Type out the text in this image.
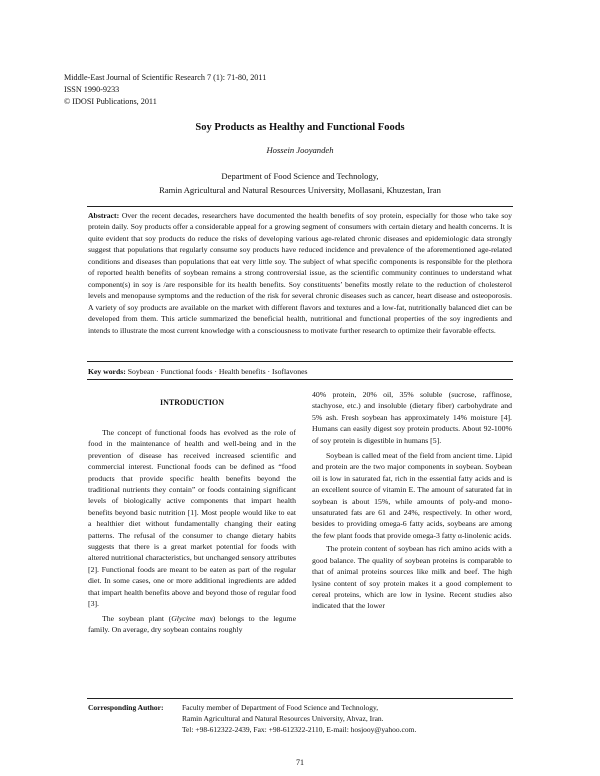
Middle-East Journal of Scientific Research 7 (1): 71-80, 2011
ISSN 1990-9233
© IDOSI Publications, 2011
Soy Products as Healthy and Functional Foods
Hossein Jooyandeh
Department of Food Science and Technology,
Ramin Agricultural and Natural Resources University, Mollasani, Khuzestan, Iran
Abstract: Over the recent decades, researchers have documented the health benefits of soy protein, especially for those who take soy protein daily. Soy products offer a considerable appeal for a growing segment of consumers with certain dietary and health concerns. It is quite evident that soy products do reduce the risks of developing various age-related chronic diseases and epidemiologic data strongly suggest that populations that regularly consume soy products have reduced incidence and prevalence of the aforementioned age-related conditions and diseases than populations that eat very little soy. The subject of what specific components is responsible for the plethora of reported health benefits of soybean remains a strong controversial issue, as the scientific community continues to understand what component(s) in soy is /are responsible for its health benefits. Soy constituents’ benefits mostly relate to the reduction of cholesterol levels and menopause symptoms and the reduction of the risk for several chronic diseases such as cancer, heart disease and osteoporosis. A variety of soy products are available on the market with different flavors and textures and a low-fat, nutritionally balanced diet can be developed from them. This article summarized the beneficial health, nutritional and functional properties of the soy ingredients and intends to illustrate the most current knowledge with a consciousness to motivate further research to optimize their favorable effects.
Key words: Soybean · Functional foods · Health benefits · Isoflavones
INTRODUCTION

The concept of functional foods has evolved as the role of food in the maintenance of health and well-being and in the prevention of disease has received increased scientific and commercial interest. Functional foods can be defined as “food products that provide specific health benefits beyond the traditional nutrients they contain” or foods containing significant levels of biologically active components that impart health benefits beyond basic nutrition [1]. Most people would like to eat a healthier diet without fundamentally changing their eating patterns. The refusal of the consumer to change dietary habits suggests that there is a great market potential for foods with altered nutritional characteristics, but unchanged sensory attributes [2]. Functional foods are meant to be eaten as part of the regular diet. In some cases, one or more additional ingredients are added that impart health benefits above and beyond those of regular food [3].

The soybean plant (Glycine max) belongs to the legume family. On average, dry soybean contains roughly

40% protein, 20% oil, 35% soluble (sucrose, raffinose, stachyose, etc.) and insoluble (dietary fiber) carbohydrate and 5% ash. Fresh soybean has approximately 14% moisture [4]. Humans can easily digest soy protein products. About 92-100% of soy protein is digestible in humans [5].

Soybean is called meat of the field from ancient time. Lipid and protein are the two major components in soybean. Soybean oil is low in saturated fat, rich in the essential fatty acids and is an excellent source of vitamin E. The amount of saturated fat in soybean is about 15%, while amounts of poly-and mono-unsaturated fats are 61 and 24%, respectively. In other word, besides to providing omega-6 fatty acids, soybeans are among the few plant foods that provide omega-3 fatty α-linolenic acids.

The protein content of soybean has rich amino acids with a good balance. The quality of soybean proteins is comparable to that of animal proteins sources like milk and beef. The high lysine content of soy protein makes it a good complement to cereal proteins, which are low in lysine. Recent studies also indicated that the lower

Corresponding Author: Faculty member of Department of Food Science and Technology,
Ramin Agricultural and Natural Resources University, Ahvaz, Iran.
Tel: +98-612322-2439, Fax: +98-612322-2110, E-mail: hosjooy@yahoo.com.
71
